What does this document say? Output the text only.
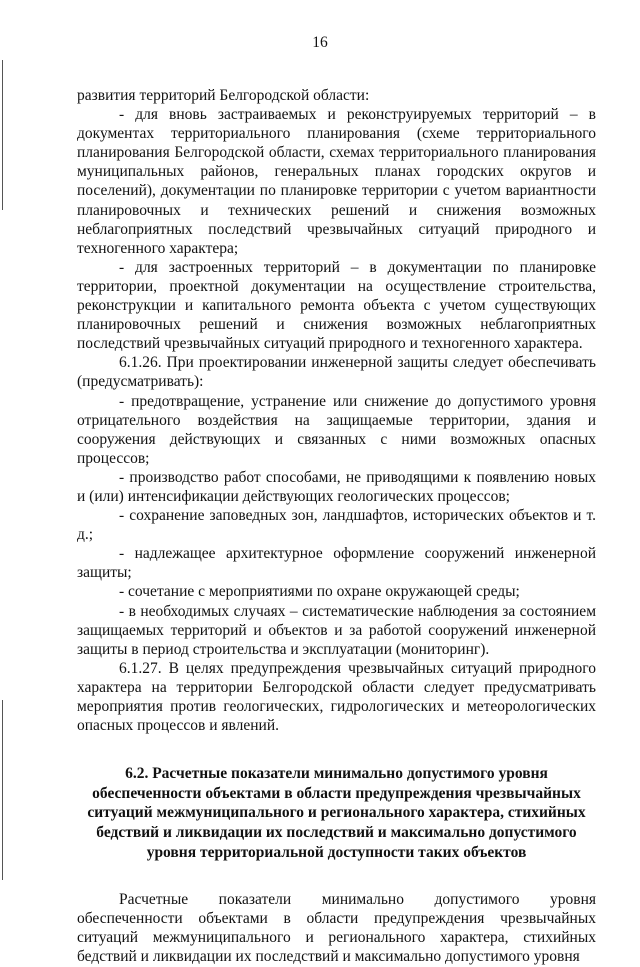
16

развития территорий Белгородской области:

- для вновь застраиваемых и реконструируемых территорий – в документах территориального планирования (схеме территориального планирования Белгородской области, схемах территориального планирования муниципальных районов, генеральных планах городских округов и поселений), документации по планировке территории с учетом вариантности планировочных и технических решений и снижения возможных неблагоприятных последствий чрезвычайных ситуаций природного и техногенного характера;

- для застроенных территорий – в документации по планировке территории, проектной документации на осуществление строительства, реконструкции и капитального ремонта объекта с учетом существующих планировочных решений и снижения возможных неблагоприятных последствий чрезвычайных ситуаций природного и техногенного характера.

6.1.26. При проектировании инженерной защиты следует обеспечивать (предусматривать):

- предотвращение, устранение или снижение до допустимого уровня отрицательного воздействия на защищаемые территории, здания и сооружения действующих и связанных с ними возможных опасных процессов;

- производство работ способами, не приводящими к появлению новых и (или) интенсификации действующих геологических процессов;

- сохранение заповедных зон, ландшафтов, исторических объектов и т. д.;

- надлежащее архитектурное оформление сооружений инженерной защиты;

- сочетание с мероприятиями по охране окружающей среды;

- в необходимых случаях – систематические наблюдения за состоянием защищаемых территорий и объектов и за работой сооружений инженерной защиты в период строительства и эксплуатации (мониторинг).

6.1.27. В целях предупреждения чрезвычайных ситуаций природного характера на территории Белгородской области следует предусматривать мероприятия против геологических, гидрологических и метеорологических опасных процессов и явлений.

6.2. Расчетные показатели минимально допустимого уровня обеспеченности объектами в области предупреждения чрезвычайных ситуаций межмуниципального и регионального характера, стихийных бедствий и ликвидации их последствий и максимально допустимого уровня территориальной доступности таких объектов

Расчетные показатели минимально допустимого уровня обеспеченности объектами в области предупреждения чрезвычайных ситуаций межмуниципального и регионального характера, стихийных бедствий и ликвидации их последствий и максимально допустимого уровня
